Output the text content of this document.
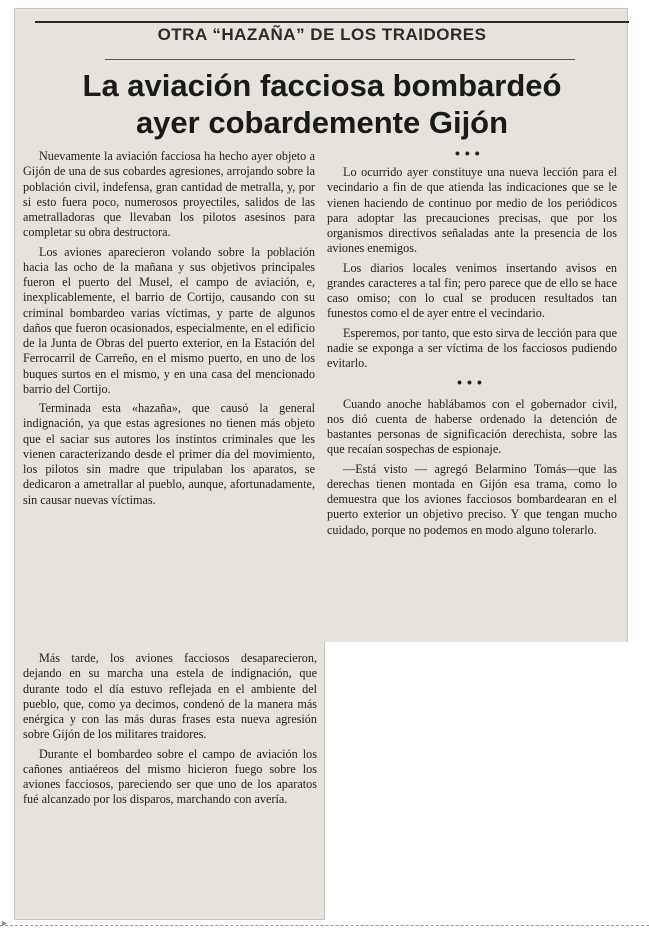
OTRA “HAZAÑA” DE LOS TRAIDORES
La aviación facciosa bombardeó
ayer cobardemente Gijón
•••

Nuevamente la aviación facciosa ha hecho ayer objeto a Gijón de una de sus cobardes agresiones, arrojando sobre la población civil, indefensa, gran cantidad de metralla, y, por si esto fuera poco, numerosos proyectiles, salidos de las ametralladoras que llevaban los pilotos asesinos para completar su obra destructora.

Los aviones aparecieron volando sobre la población hacia las ocho de la mañana y sus objetivos principales fueron el puerto del Musel, el campo de aviación, e, inexplicablemente, el barrio de Cortijo, causando con su criminal bombardeo varias víctimas, y parte de algunos daños que fueron ocasionados, especialmente, en el edificio de la Junta de Obras del puerto exterior, en la Estación del Ferrocarril de Carreño, en el mismo puerto, en uno de los buques surtos en el mismo, y en una casa del mencionado barrio del Cortijo.

Terminada esta «hazaña», que causó la general indignación, ya que estas agresiones no tienen más objeto que el saciar sus autores los instintos criminales que les vienen caracterizando desde el primer día del movimiento, los pilotos sin madre que tripulaban los aparatos, se dedicaron a ametrallar al pueblo, aunque, afortunadamente, sin causar nuevas víctimas.

Lo ocurrido ayer constituye una nueva lección para el vecindario a fin de que atienda las indicaciones que se le vienen haciendo de continuo por medio de los periódicos para adoptar las precauciones precisas, que por los organismos directivos señaladas ante la presencia de los aviones enemigos.

Los diarios locales venimos insertando avisos en grandes caracteres a tal fin; pero parece que de ello se hace caso omiso; con lo cual se producen resultados tan funestos como el de ayer entre el vecindario.

Esperemos, por tanto, que esto sirva de lección para que nadie se exponga a ser víctima de los facciosos pudiendo evitarlo.

•••

Cuando anoche hablábamos con el gobernador civil, nos dió cuenta de haberse ordenado la detención de bastantes personas de significación derechista, sobre las que recaían sospechas de espionaje.

—Está visto — agregó Belarmino Tomás—que las derechas tienen montada en Gijón esa trama, como lo demuestra que los aviones facciosos bombardearan en el puerto exterior un objetivo preciso. Y que tengan mucho cuidado, porque no podemos en modo alguno tolerarlo.

Más tarde, los aviones facciosos desaparecieron, dejando en su marcha una estela de indignación, que durante todo el día estuvo reflejada en el ambiente del pueblo, que, como ya decimos, condenó de la manera más enérgica y con las más duras frases esta nueva agresión sobre Gijón de los militares traidores.

Durante el bombardeo sobre el campo de aviación los cañones antiaéreos del mismo hicieron fuego sobre los aviones facciosos, pareciendo ser que uno de los aparatos fué alcanzado por los disparos, marchando con avería.

▸
